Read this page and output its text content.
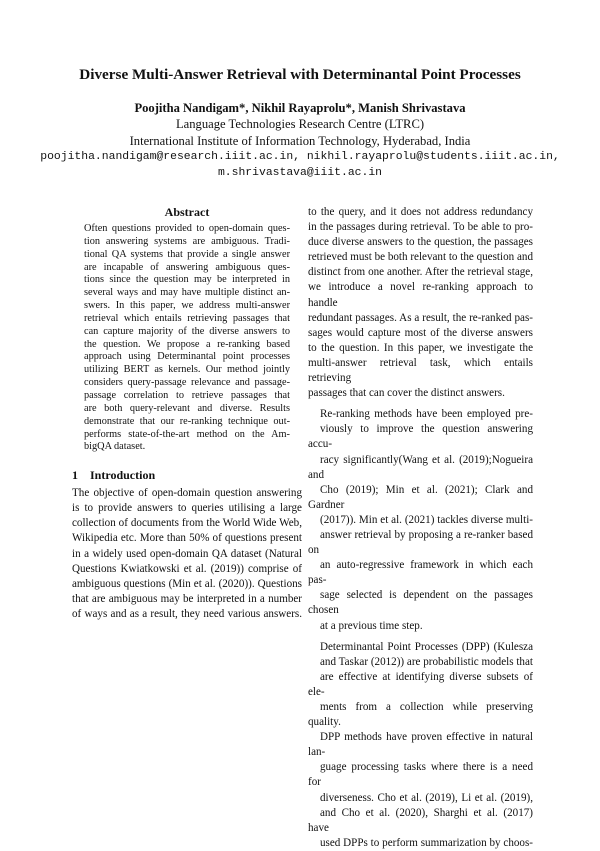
Diverse Multi-Answer Retrieval with Determinantal Point Processes
Poojitha Nandigam*, Nikhil Rayaprolu*, Manish Shrivastava
Language Technologies Research Centre (LTRC)
International Institute of Information Technology, Hyderabad, India
poojitha.nandigam@research.iiit.ac.in, nikhil.rayaprolu@students.iiit.ac.in,
m.shrivastava@iiit.ac.in
Abstract
Often questions provided to open-domain ques-
tion answering systems are ambiguous. Tradi-
tional QA systems that provide a single answer
are incapable of answering ambiguous ques-
tions since the question may be interpreted in
several ways and may have multiple distinct an-
swers. In this paper, we address multi-answer
retrieval which entails retrieving passages that
can capture majority of the diverse answers to
the question. We propose a re-ranking based
approach using Determinantal point processes
utilizing BERT as kernels. Our method jointly
considers query-passage relevance and passage-
passage correlation to retrieve passages that
are both query-relevant and diverse. Results
demonstrate that our re-ranking technique out-
performs state-of-the-art method on the Am-
bigQA dataset.
1 Introduction
The objective of open-domain question answering
is to provide answers to queries utilising a large
collection of documents from the World Wide Web,
Wikipedia etc. More than 50% of questions present
in a widely used open-domain QA dataset (Natural
Questions Kwiatkowski et al. (2019)) comprise of
ambiguous questions (Min et al. (2020)). Questions
that are ambiguous may be interpreted in a number
of ways and as a result, they need various answers.
to the query, and it does not address redundancy
in the passages during retrieval. To be able to pro-
duce diverse answers to the question, the passages
retrieved must be both relevant to the question and
distinct from one another. After the retrieval stage,
we introduce a novel re-ranking approach to handle
redundant passages. As a result, the re-ranked pas-
sages would capture most of the diverse answers
to the question. In this paper, we investigate the
multi-answer retrieval task, which entails retrieving
passages that can cover the distinct answers.
Re-ranking methods have been employed pre-
viously to improve the question answering accu-
racy significantly(Wang et al. (2019);Nogueira and
Cho (2019); Min et al. (2021); Clark and Gardner
(2017)). Min et al. (2021) tackles diverse multi-
answer retrieval by proposing a re-ranker based on
an auto-regressive framework in which each pas-
sage selected is dependent on the passages chosen
at a previous time step.
Determinantal Point Processes (DPP) (Kulesza
and Taskar (2012)) are probabilistic models that
are effective at identifying diverse subsets of ele-
ments from a collection while preserving quality.
DPP methods have proven effective in natural lan-
guage processing tasks where there is a need for
diverseness. Cho et al. (2019), Li et al. (2019),
and Cho et al. (2020), Sharghi et al. (2017) have
used DPPs to perform summarization by choos-
